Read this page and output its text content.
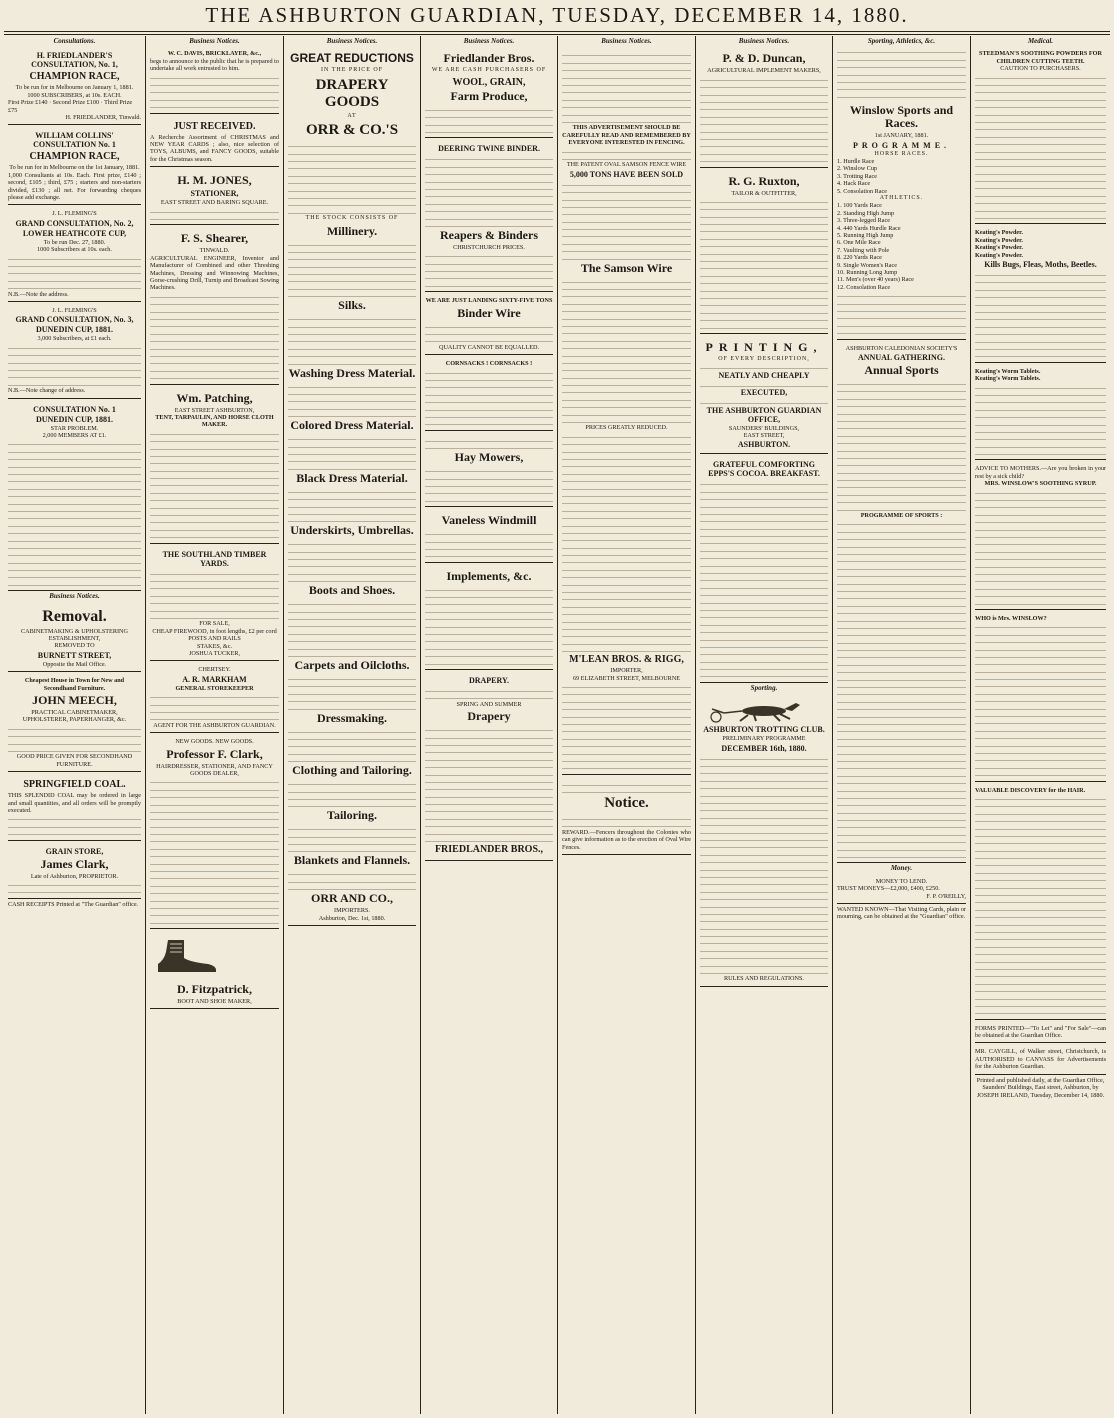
THE ASHBURTON GUARDIAN, TUESDAY, DECEMBER 14, 1880.
Consultations.
H. FRIEDLANDER'S CONSULTATION, No. 1,
CHAMPION RACE,
To be run for in Melbourne on January 1, 1881.
1000 SUBSCRIBERS, at 10s. EACH.
First Prize £140 · Second Prize £100 · Third Prize £75
H. FRIEDLANDER, Tinwald.
WILLIAM COLLINS' CONSULTATION No. 1
CHAMPION RACE,
To be run for in Melbourne on the 1st January, 1881.
1,000 Consultants at 10s. Each. First prize, £140 ; second, £105 ; third, £75 ; starters and non-starters divided, £130 ; all net. For forwarding cheques please add exchange.
J. L. FLEMING'S
GRAND CONSULTATION, No. 2,
LOWER HEATHCOTE CUP,
To be run Dec. 27, 1880.
1000 Subscribers at 10s. each.
N.B.—Note the address.
J. L. FLEMING'S
GRAND CONSULTATION, No. 3,
DUNEDIN CUP, 1881.
3,000 Subscribers, at £1 each.
N.B.—Note change of address.
CONSULTATION No. 1
DUNEDIN CUP, 1881.
STAR PROBLEM.
2,000 MEMBERS AT £1.
Business Notices.
Removal.
CABINETMAKING & UPHOLSTERING ESTABLISHMENT,
REMOVED TO
BURNETT STREET,
Opposite the Mail Office.
Cheapest House in Town for New and Secondhand Furniture.
JOHN MEECH,
PRACTICAL CABINETMAKER, UPHOLSTERER, PAPERHANGER, &c.
GOOD PRICE GIVEN FOR SECONDHAND FURNITURE.
SPRINGFIELD COAL.
THIS SPLENDID COAL may be ordered in large and small quantities, and all orders will be promptly executed.
GRAIN STORE,
James Clark,
Late of Ashburton, PROPRIETOR.
CASH RECEIPTS Printed at "The Guardian" office.
Business Notices.
W. C. DAVIS, BRICKLAYER, &c.,
begs to announce to the public that he is prepared to undertake all work entrusted to him.
JUST RECEIVED.
A Recherche Assortment of CHRISTMAS and NEW YEAR CARDS ; also, nice selection of TOYS, ALBUMS, and FANCY GOODS, suitable for the Christmas season.
H. M. JONES,
STATIONER,
EAST STREET AND BARING SQUARE.
F. S. Shearer,
TINWALD.
AGRICULTURAL ENGINEER, Inventor and Manufacturer of Combined and other Threshing Machines, Dressing and Winnowing Machines, Gorse-crushing Drill, Turnip and Broadcast Sowing Machines.
Wm. Patching,
EAST STREET ASHBURTON,
TENT, TARPAULIN, AND HORSE CLOTH MAKER.
THE SOUTHLAND TIMBER YARDS.
FOR SALE,
CHEAP FIREWOOD, in foot lengths, £2 per cord
POSTS AND RAILS
STAKES, &c.
JOSHUA TUCKER,
CHERTSEY.
A. R. MARKHAM
GENERAL STOREKEEPER
AGENT FOR THE ASHBURTON GUARDIAN.
NEW GOODS. NEW GOODS.
Professor F. Clark,
HAIRDRESSER, STATIONER, AND FANCY GOODS DEALER,
D. Fitzpatrick,
BOOT AND SHOE MAKER,
Business Notices.
GREAT REDUCTIONS
IN THE PRICE OF
DRAPERY GOODS
AT
ORR & CO.'S
THE STOCK CONSISTS OF
Millinery.
Silks.
Washing Dress Material.
Colored Dress Material.
Black Dress Material.
Underskirts, Umbrellas.
Boots and Shoes.
Carpets and Oilcloths.
Dressmaking.
Clothing and Tailoring.
Tailoring.
Blankets and Flannels.
ORR AND CO.,
IMPORTERS.
Ashburton, Dec. 1st, 1880.
Business Notices.
Friedlander Bros.
WE ARE CASH PURCHASERS OF
WOOL, GRAIN,
Farm Produce,
DEERING TWINE BINDER.
Reapers & Binders
CHRISTCHURCH PRICES.
WE ARE JUST LANDING SIXTY-FIVE TONS
Binder Wire
QUALITY CANNOT BE EQUALLED.
CORNSACKS ! CORNSACKS !
Hay Mowers,
Vaneless Windmill
Implements, &c.
DRAPERY.
SPRING AND SUMMER
Drapery
FRIEDLANDER BROS.,
Business Notices.
THIS ADVERTISEMENT SHOULD BE CAREFULLY READ AND REMEMBERED BY EVERYONE INTERESTED IN FENCING.
THE PATENT OVAL SAMSON FENCE WIRE
5,000 TONS HAVE BEEN SOLD
The Samson Wire
PRICES GREATLY REDUCED.
M'LEAN BROS. & RIGG,
IMPORTER,
69 ELIZABETH STREET, MELBOURNE
Notice.
REWARD.—Fencers throughout the Colonies who can give information as to the erection of Oval Wire Fences.
Business Notices.
P. & D. Duncan,
AGRICULTURAL IMPLEMENT MAKERS,
R. G. Ruxton,
TAILOR & OUTFITTER,
PRINTING,
OF EVERY DESCRIPTION,
NEATLY AND CHEAPLY
EXECUTED,
THE ASHBURTON GUARDIAN OFFICE,
SAUNDERS' BUILDINGS,
EAST STREET,
ASHBURTON.
GRATEFUL COMFORTING EPPS'S COCOA. BREAKFAST.
Sporting.
ASHBURTON TROTTING CLUB.
PRELIMINARY PROGRAMME
DECEMBER 16th, 1880.
RULES AND REGULATIONS.
Sporting, Athletics, &c.
Winslow Sports and Races.
1st JANUARY, 1881.
PROGRAMME.
HORSE RACES.
1. Hurdle Race
2. Winslow Cup
3. Trotting Race
4. Hack Race
5. Consolation Race
ATHLETICS.
1. 100 Yards Race
2. Standing High Jump
3. Three-legged Race
4. 440 Yards Hurdle Race
5. Running High Jump
6. One Mile Race
7. Vaulting with Pole
8. 220 Yards Race
9. Single Women's Race
10. Running Long Jump
11. Men's (over 40 years) Race
12. Consolation Race
ASHBURTON CALEDONIAN SOCIETY'S
ANNUAL GATHERING.
Annual Sports
PROGRAMME OF SPORTS :
Money.
MONEY TO LEND.
TRUST MONEYS—£2,000, £400, £250.
F. P. O'REILLY,
WANTED KNOWN—That Visiting Cards, plain or mourning, can be obtained at the "Guardian" office.
Medical.
STEEDMAN'S SOOTHING POWDERS FOR CHILDREN CUTTING TEETH.
CAUTION TO PURCHASERS.
Keating's Powder.
Keating's Powder.
Keating's Powder.
Keating's Powder.
Kills Bugs, Fleas, Moths, Beetles.
Keating's Worm Tablets.
Keating's Worm Tablets.
ADVICE TO MOTHERS.—Are you broken in your rest by a sick child?
MRS. WINSLOW'S SOOTHING SYRUP.
WHO is Mrs. WINSLOW?
VALUABLE DISCOVERY for the HAIR.
FORMS PRINTED—"To Let" and "For Sale"—can be obtained at the Guardian Office.
MR. CAYGILL, of Walker street, Christchurch, is AUTHORISED to CANVASS for Advertisements for the Ashburton Guardian.
Printed and published daily, at the Guardian Office, Saunders' Buildings, East street, Ashburton, by JOSEPH IRELAND, Tuesday, December 14, 1880.
